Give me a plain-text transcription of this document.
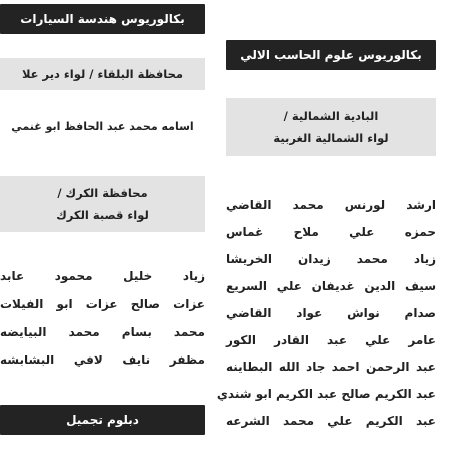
بكالوريوس علوم الحاسب الالي
البادية الشمالية /
لواء الشمالية الغربية
ارشد لورنس محمد القاضي
حمزه علي ملاح غماس
زياد محمد زيدان الخريشا
سيف الدين غديفان علي السريع
صدام نواش عواد القاضي
عامر علي عبد القادر الكور
عبد الرحمن احمد جاد الله البطاينه
عبد الكريم صالح عبد الكريم ابو شندي
عبد الكريم علي محمد الشرعه
بكالوريوس هندسة السيارات
محافظة البلقاء / لواء دير علا
اسامه محمد عبد الحافظ ابو غنمي
محافظة الكرك /
لواء قصبة الكرك
زياد خليل محمود عابد
عزات صالح عزات ابو الفيلات
محمد بسام محمد البيايضه
مظفر نايف لافي البشابشه
دبلوم تجميل
